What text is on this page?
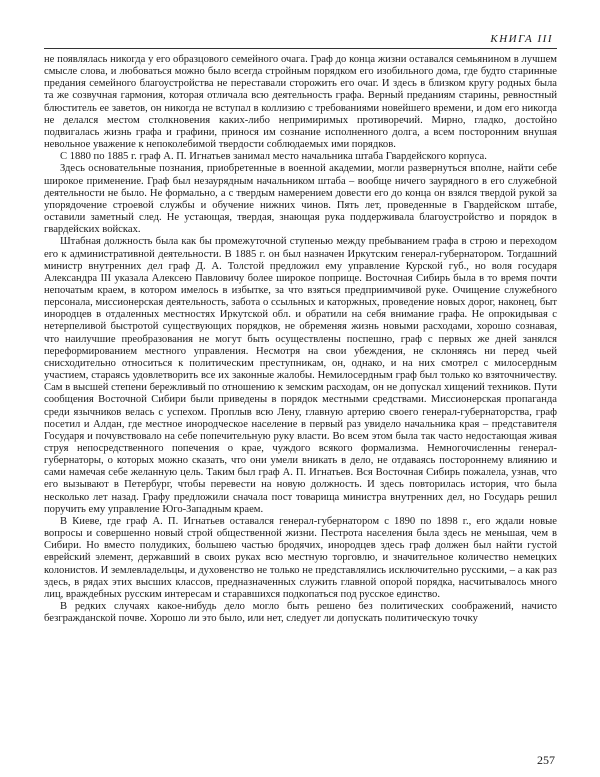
КНИГА III

не появлялась никогда у его образцового семейного очага. Граф до конца жизни оставался семьянином в лучшем смысле слова, и любоваться можно было всегда стройным порядком его изобильного дома, где будто старинные предания семейного благоустройства не переставали сторожить его очаг. И здесь в близком кругу родных была та же созвучная гармония, которая отличала всю деятельность графа. Верный преданиям старины, ревностный блюститель ее заветов, он никогда не вступал в коллизию с требованиями новейшего времени, и дом его никогда не делался местом столкновения каких-либо непримиримых противоречий. Мирно, гладко, достойно подвигалась жизнь графа и графини, принося им сознание исполненного долга, а всем посторонним внушая невольное уважение к непоколебимой твердости соблюдаемых ими порядков.

С 1880 по 1885 г. граф А. П. Игнатьев занимал место начальника штаба Гвардейского корпуса.

Здесь основательные познания, приобретенные в военной академии, могли развернуться вполне, найти себе широкое применение. Граф был незаурядным начальником штаба – вообще ничего заурядного в его служебной деятельности не было. Не формально, а с твердым намерением довести его до конца он взялся твердой рукой за упорядочение строевой службы и обучение нижних чинов. Пять лет, проведенные в Гвардейском штабе, оставили заметный след. Не устающая, твердая, знающая рука поддерживала благоустройство и порядок в гвардейских войсках.

Штабная должность была как бы промежуточной ступенью между пребыванием графа в строю и переходом его к административной деятельности. В 1885 г. он был назначен Иркутским генерал-губернатором. Тогдашний министр внутренних дел граф Д. А. Толстой предложил ему управление Курской губ., но воля государя Александра III указала Алексею Павловичу более широкое поприще. Восточная Сибирь была в то время почти непочатым краем, в котором имелось в избытке, за что взяться предприимчивой руке. Очищение служебного персонала, миссионерская деятельность, забота о ссыльных и каторжных, проведение новых дорог, наконец, быт инородцев в отдаленных местностях Иркутской обл. и обратили на себя внимание графа. Не опрокидывая с нетерпеливой быстротой существующих порядков, не обременяя жизнь новыми расходами, хорошо сознавая, что наилучшие преобразования не могут быть осуществлены поспешно, граф с первых же дней занялся переформированием местного управления. Несмотря на свои убеждения, не склоняясь ни перед чьей снисходительно относиться к политическим преступникам, он, однако, и на них смотрел с милосердным участием, стараясь удовлетворить все их законные жалобы. Немилосердным граф был только ко взяточничеству. Сам в высшей степени бережливый по отношению к земским расходам, он не допускал хищений техников. Пути сообщения Восточной Сибири были приведены в порядок местными средствами. Миссионерская пропаганда среди язычников велась с успехом. Проплыв всю Лену, главную артерию своего генерал-губернаторства, граф посетил и Алдан, где местное инородческое население в первый раз увидело начальника края – представителя Государя и почувствовало на себе попечительную руку власти. Во всем этом была так часто недостающая живая струя непосредственного попечения о крае, чуждого всякого формализма. Немногочисленны генерал-губернаторы, о которых можно сказать, что они умели вникать в дело, не отдаваясь постороннему влиянию и сами намечая себе желанную цель. Таким был граф А. П. Игнатьев. Вся Восточная Сибирь пожалела, узнав, что его вызывают в Петербург, чтобы перевести на новую должность. И здесь повторилась история, что была несколько лет назад. Графу предложили сначала пост товарища министра внутренних дел, но Государь решил поручить ему управление Юго-Западным краем.

В Киеве, где граф А. П. Игнатьев оставался генерал-губернатором с 1890 по 1898 г., его ждали новые вопросы и совершенно новый строй общественной жизни. Пестрота населения была здесь не меньшая, чем в Сибири. Но вместо полудиких, большею частью бродячих, инородцев здесь граф должен был найти густой еврейский элемент, державший в своих руках всю местную торговлю, и значительное количество немецких колонистов. И землевладельцы, и духовенство не только не представлялись исключительно русскими, – а как раз здесь, в рядах этих высших классов, предназначенных служить главной опорой порядка, насчитывалось много лиц, враждебных русским интересам и старавшихся подкопаться под русское единство.

В редких случаях какое-нибудь дело могло быть решено без политических соображений, начисто безгражданской почве. Хорошо ли это было, или нет, следует ли допускать политическую точку

257
